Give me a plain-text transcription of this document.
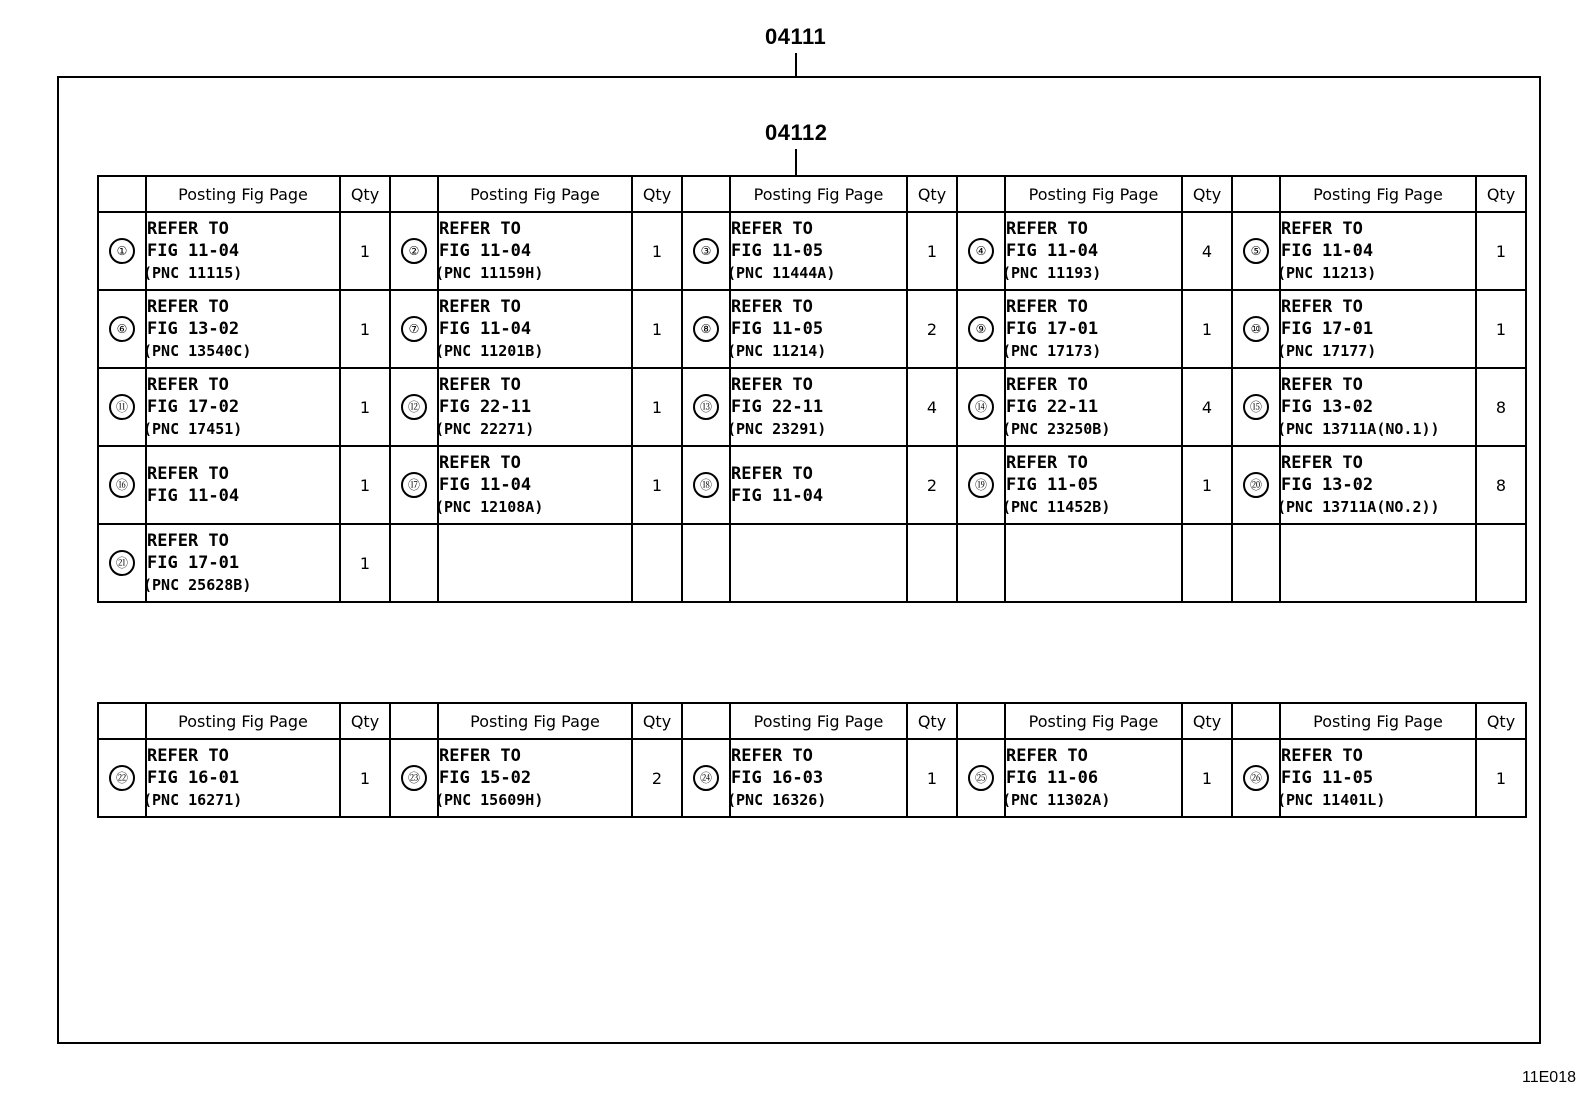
04111
04112
	Posting Fig Page	Qty		Posting Fig Page	Qty		Posting Fig Page	Qty		Posting Fig Page	Qty		Posting Fig Page	Qty
①	REFER TO
FIG 11-04
(PNC 11115)	1	②	REFER TO
FIG 11-04
(PNC 11159H)	1	③	REFER TO
FIG 11-05
(PNC 11444A)	1	④	REFER TO
FIG 11-04
(PNC 11193)	4	⑤	REFER TO
FIG 11-04
(PNC 11213)	1
⑥	REFER TO
FIG 13-02
(PNC 13540C)	1	⑦	REFER TO
FIG 11-04
(PNC 11201B)	1	⑧	REFER TO
FIG 11-05
(PNC 11214)	2	⑨	REFER TO
FIG 17-01
(PNC 17173)	1	⑩	REFER TO
FIG 17-01
(PNC 17177)	1
⑪	REFER TO
FIG 17-02
(PNC 17451)	1	⑫	REFER TO
FIG 22-11
(PNC 22271)	1	⑬	REFER TO
FIG 22-11
(PNC 23291)	4	⑭	REFER TO
FIG 22-11
(PNC 23250B)	4	⑮	REFER TO
FIG 13-02
(PNC 13711A(NO.1))	8
⑯	REFER TO
FIG 11-04	1	⑰	REFER TO
FIG 11-04
(PNC 12108A)	1	⑱	REFER TO
FIG 11-04	2	⑲	REFER TO
FIG 11-05
(PNC 11452B)	1	⑳	REFER TO
FIG 13-02
(PNC 13711A(NO.2))	8
㉑	REFER TO
FIG 17-01
(PNC 25628B)	1												
	Posting Fig Page	Qty		Posting Fig Page	Qty		Posting Fig Page	Qty		Posting Fig Page	Qty		Posting Fig Page	Qty
㉒	REFER TO
FIG 16-01
(PNC 16271)	1	㉓	REFER TO
FIG 15-02
(PNC 15609H)	2	㉔	REFER TO
FIG 16-03
(PNC 16326)	1	㉕	REFER TO
FIG 11-06
(PNC 11302A)	1	㉖	REFER TO
FIG 11-05
(PNC 11401L)	1
11E018
